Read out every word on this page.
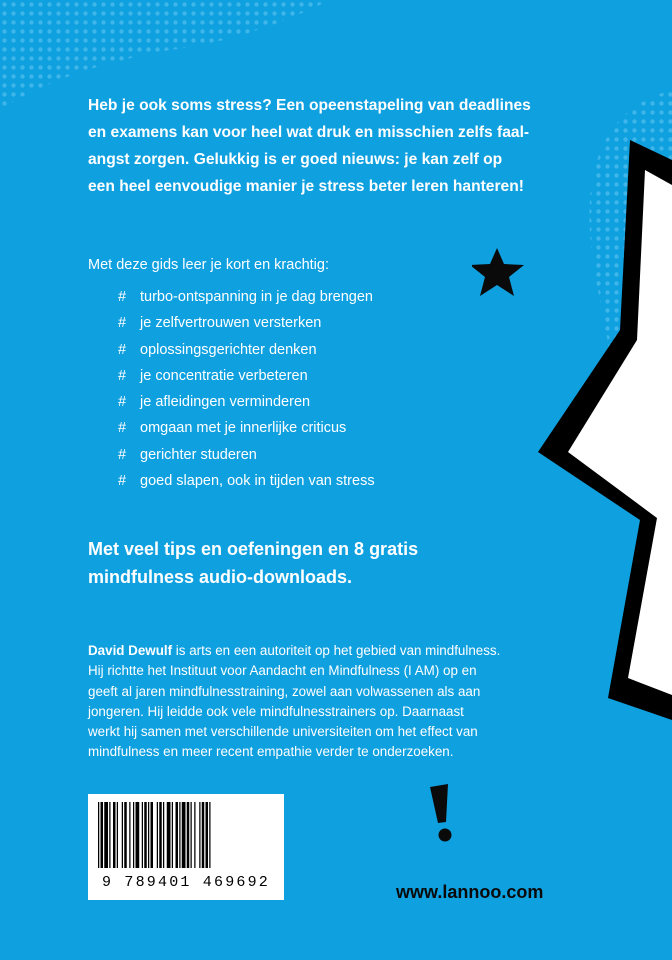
Heb je ook soms stress? Een opeenstapeling van deadlines
en examens kan voor heel wat druk en misschien zelfs faal-
angst zorgen. Gelukkig is er goed nieuws: je kan zelf op
een heel eenvoudige manier je stress beter leren hanteren!

Met deze gids leer je kort en krachtig:

# turbo-ontspanning in je dag brengen
# je zelfvertrouwen versterken
# oplossingsgerichter denken
# je concentratie verbeteren
# je afleidingen verminderen
# omgaan met je innerlijke criticus
# gerichter studeren
# goed slapen, ook in tijden van stress

Met veel tips en oefeningen en 8 gratis
mindfulness audio-downloads.

David Dewulf is arts en een autoriteit op het gebied van mindfulness.
Hij richtte het Instituut voor Aandacht en Mindfulness (I AM) op en
geeft al jaren mindfulnesstraining, zowel aan volwassenen als aan
jongeren. Hij leidde ook vele mindfulnesstrainers op. Daarnaast
werkt hij samen met verschillende universiteiten om het effect van
mindfulness en meer recent empathie verder te onderzoeken.

9 789401 469692	www.lannoo.com
